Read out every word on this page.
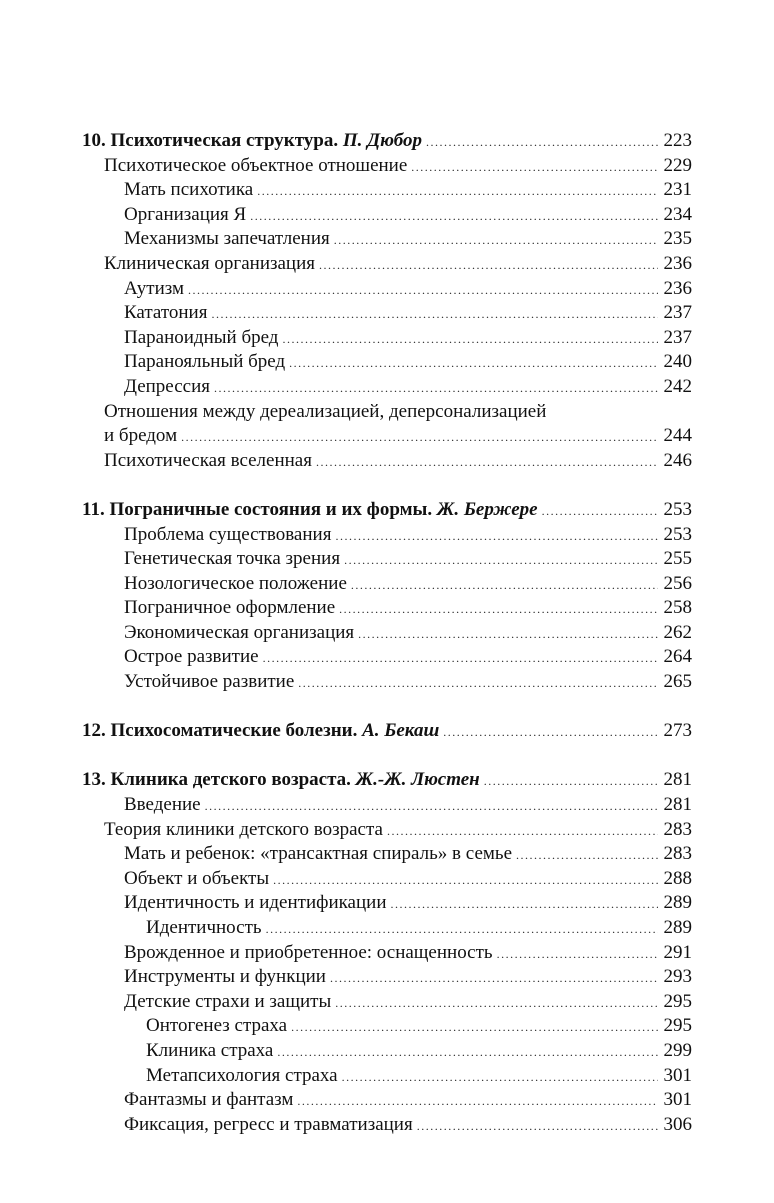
10. Психотическая структура. П. Дюбор .....	223
Психотическое объектное отношение .....	229
Мать психотика .....	231
Организация Я .....	234
Механизмы запечатления .....	235
Клиническая организация .....	236
Аутизм .....	236
Кататония .....	237
Параноидный бред .....	237
Паранояльный бред .....	240
Депрессия .....	242
Отношения между дереализацией, деперсонализацией
и бредом .....	244
Психотическая вселенная .....	246
11. Пограничные состояния и их формы. Ж. Бержере .....	253
Проблема существования .....	253
Генетическая точка зрения .....	255
Нозологическое положение .....	256
Пограничное оформление .....	258
Экономическая организация .....	262
Острое развитие .....	264
Устойчивое развитие .....	265
12. Психосоматические болезни. А. Бекаш .....	273
13. Клиника детского возраста. Ж.-Ж. Люстен .....	281
Введение .....	281
Теория клиники детского возраста .....	283
Мать и ребенок: «трансактная спираль» в семье .....	283
Объект и объекты .....	288
Идентичность и идентификации .....	289
Идентичность .....	289
Врожденное и приобретенное: оснащенность .....	291
Инструменты и функции .....	293
Детские страхи и защиты .....	295
Онтогенез страха .....	295
Клиника страха .....	299
Метапсихология страха .....	301
Фантазмы и фантазм .....	301
Фиксация, регресс и травматизация .....	306
